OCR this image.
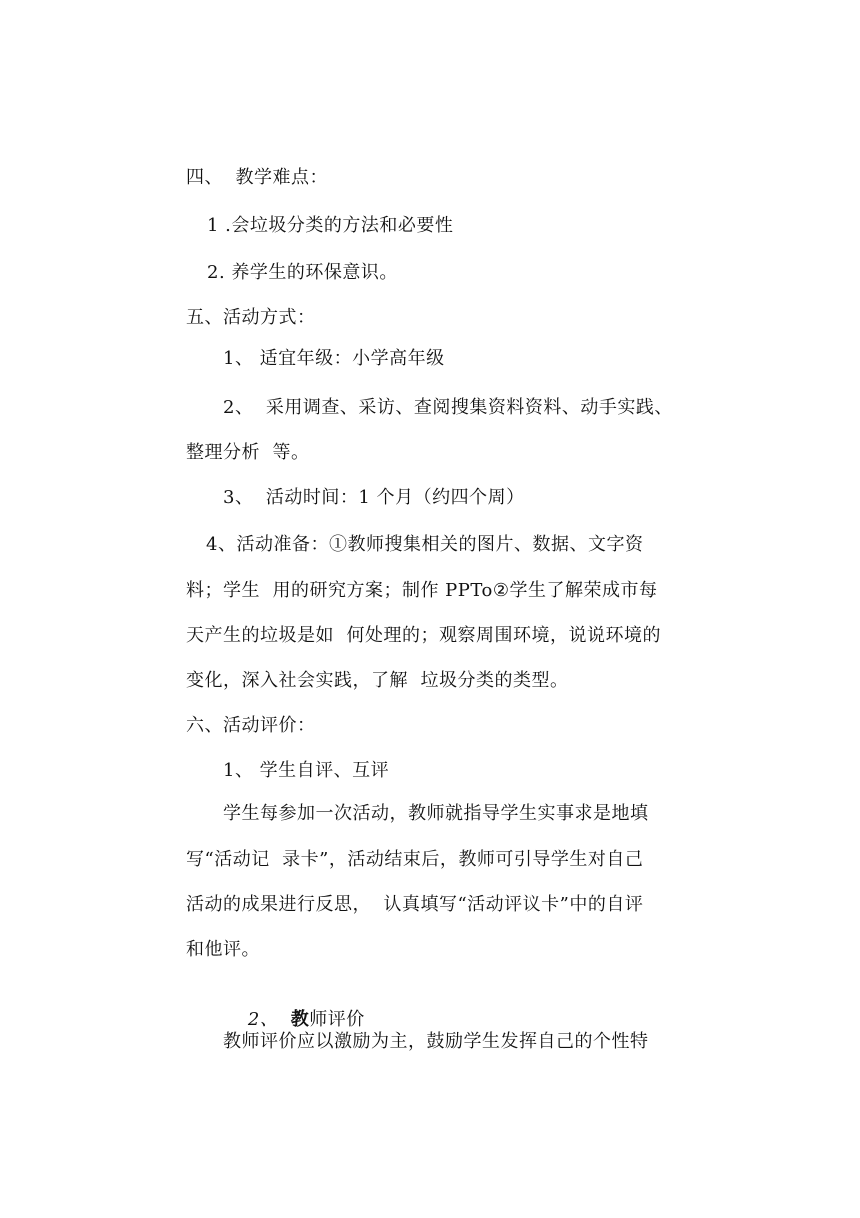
四、  教学难点：
1 .会垃圾分类的方法和必要性
2. 养学生的环保意识。
五、活动方式：
1、 适宜年级：小学高年级
2、  采用调查、采访、查阅搜集资料资料、动手实践、
整理分析  等。
3、  活动时间：1 个月（约四个周）
4、活动准备：①教师搜集相关的图片、数据、文字资
料；学生  用的研究方案；制作 PPTo②学生了解荣成市每
天产生的垃圾是如  何处理的；观察周围环境，说说环境的
变化，深入社会实践，了解  垃圾分类的类型。
六、活动评价：
1、 学生自评、互评
学生每参加一次活动，教师就指导学生实事求是地填
写“活动记  录卡”，活动结束后，教师可引导学生对自己
活动的成果进行反思，  认真填写“活动评议卡”中的自评
和他评。

2、  教师评价

教师评价应以激励为主，鼓励学生发挥自己的个性特
